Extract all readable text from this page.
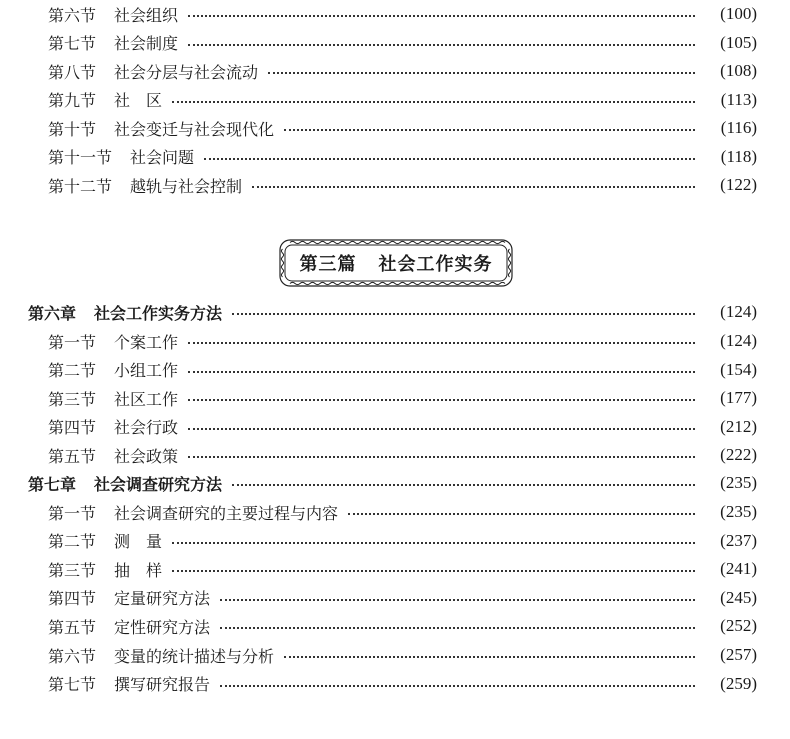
第六节 社会组织	(100)
第七节 社会制度	(105)
第八节 社会分层与社会流动	(108)
第九节 社　区	(113)
第十节 社会变迁与社会现代化	(116)
第十一节 社会问题	(118)
第十二节 越轨与社会控制	(122)
第六章 社会工作实务方法	(124)
第一节 个案工作	(124)
第二节 小组工作	(154)
第三节 社区工作	(177)
第四节 社会行政	(212)
第五节 社会政策	(222)
第七章 社会调查研究方法	(235)
第一节 社会调查研究的主要过程与内容	(235)
第二节 测　量	(237)
第三节 抽　样	(241)
第四节 定量研究方法	(245)
第五节 定性研究方法	(252)
第六节 变量的统计描述与分析	(257)
第七节 撰写研究报告	(259)
第三篇 社会工作实务
